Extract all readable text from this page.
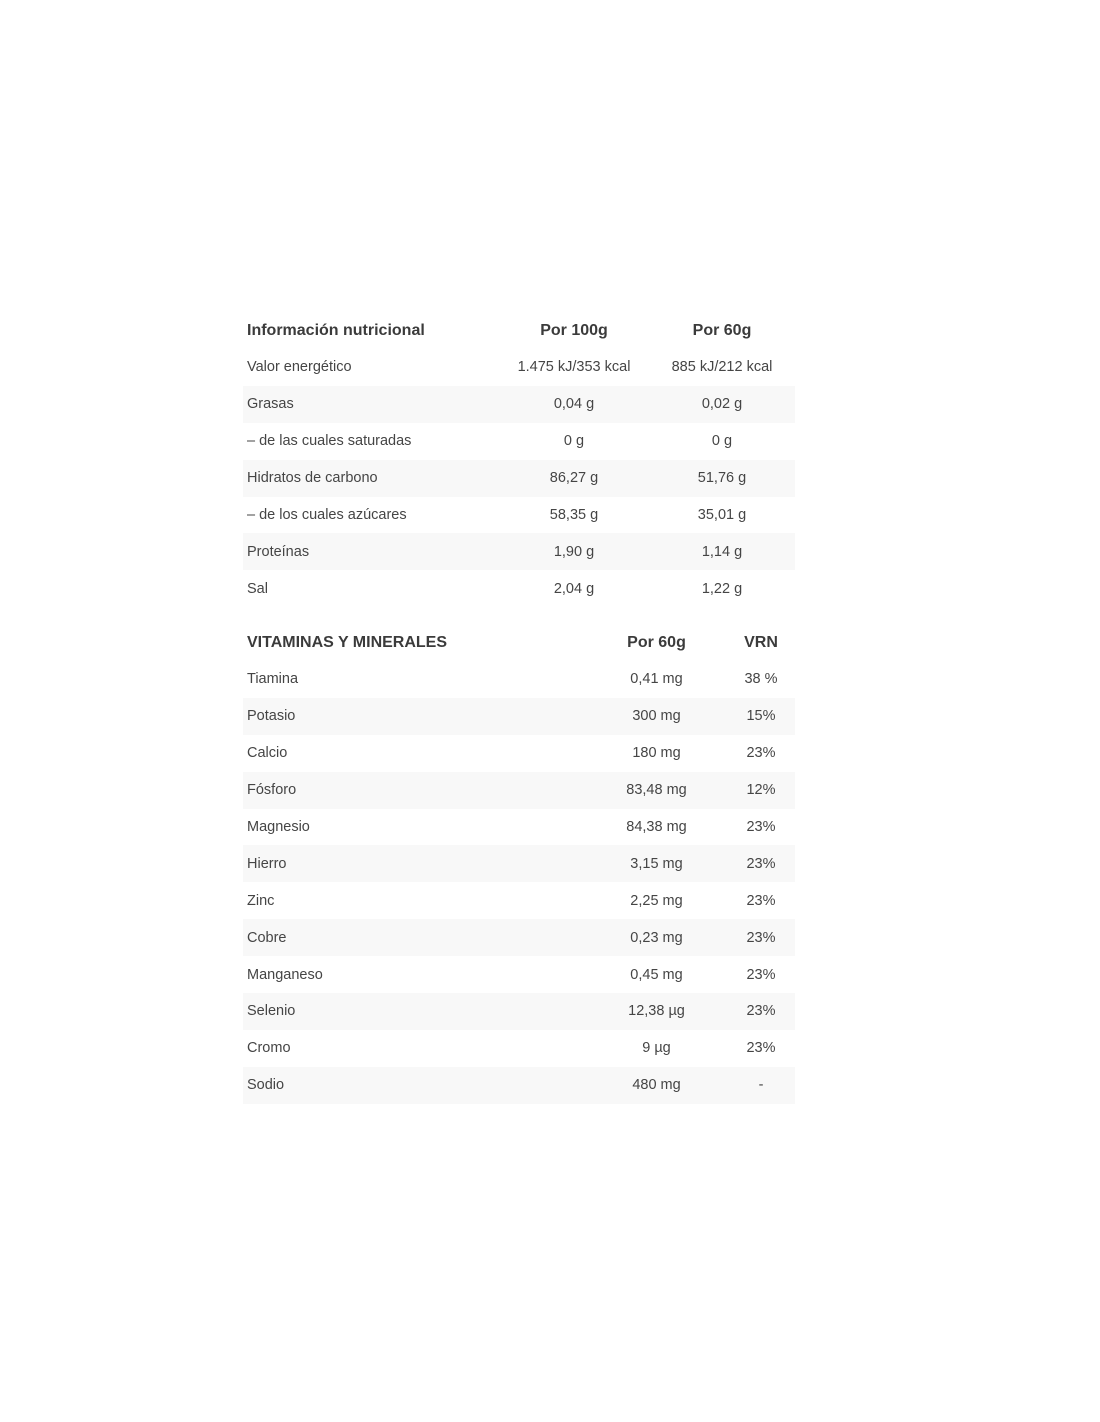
Información nutricional	Por 100g	Por 60g
Valor energético	1.475 kJ/353 kcal	885 kJ/212 kcal
Grasas	0,04 g	0,02 g
– de las cuales saturadas	0 g	0 g
Hidratos de carbono	86,27 g	51,76 g
– de los cuales azúcares	58,35 g	35,01 g
Proteínas	1,90 g	1,14 g
Sal	2,04 g	1,22 g
VITAMINAS Y MINERALES	Por 60g	VRN
Tiamina	0,41 mg	38 %
Potasio	300 mg	15%
Calcio	180 mg	23%
Fósforo	83,48 mg	12%
Magnesio	84,38 mg	23%
Hierro	3,15 mg	23%
Zinc	2,25 mg	23%
Cobre	0,23 mg	23%
Manganeso	0,45 mg	23%
Selenio	12,38 µg	23%
Cromo	9 µg	23%
Sodio	480 mg	-
